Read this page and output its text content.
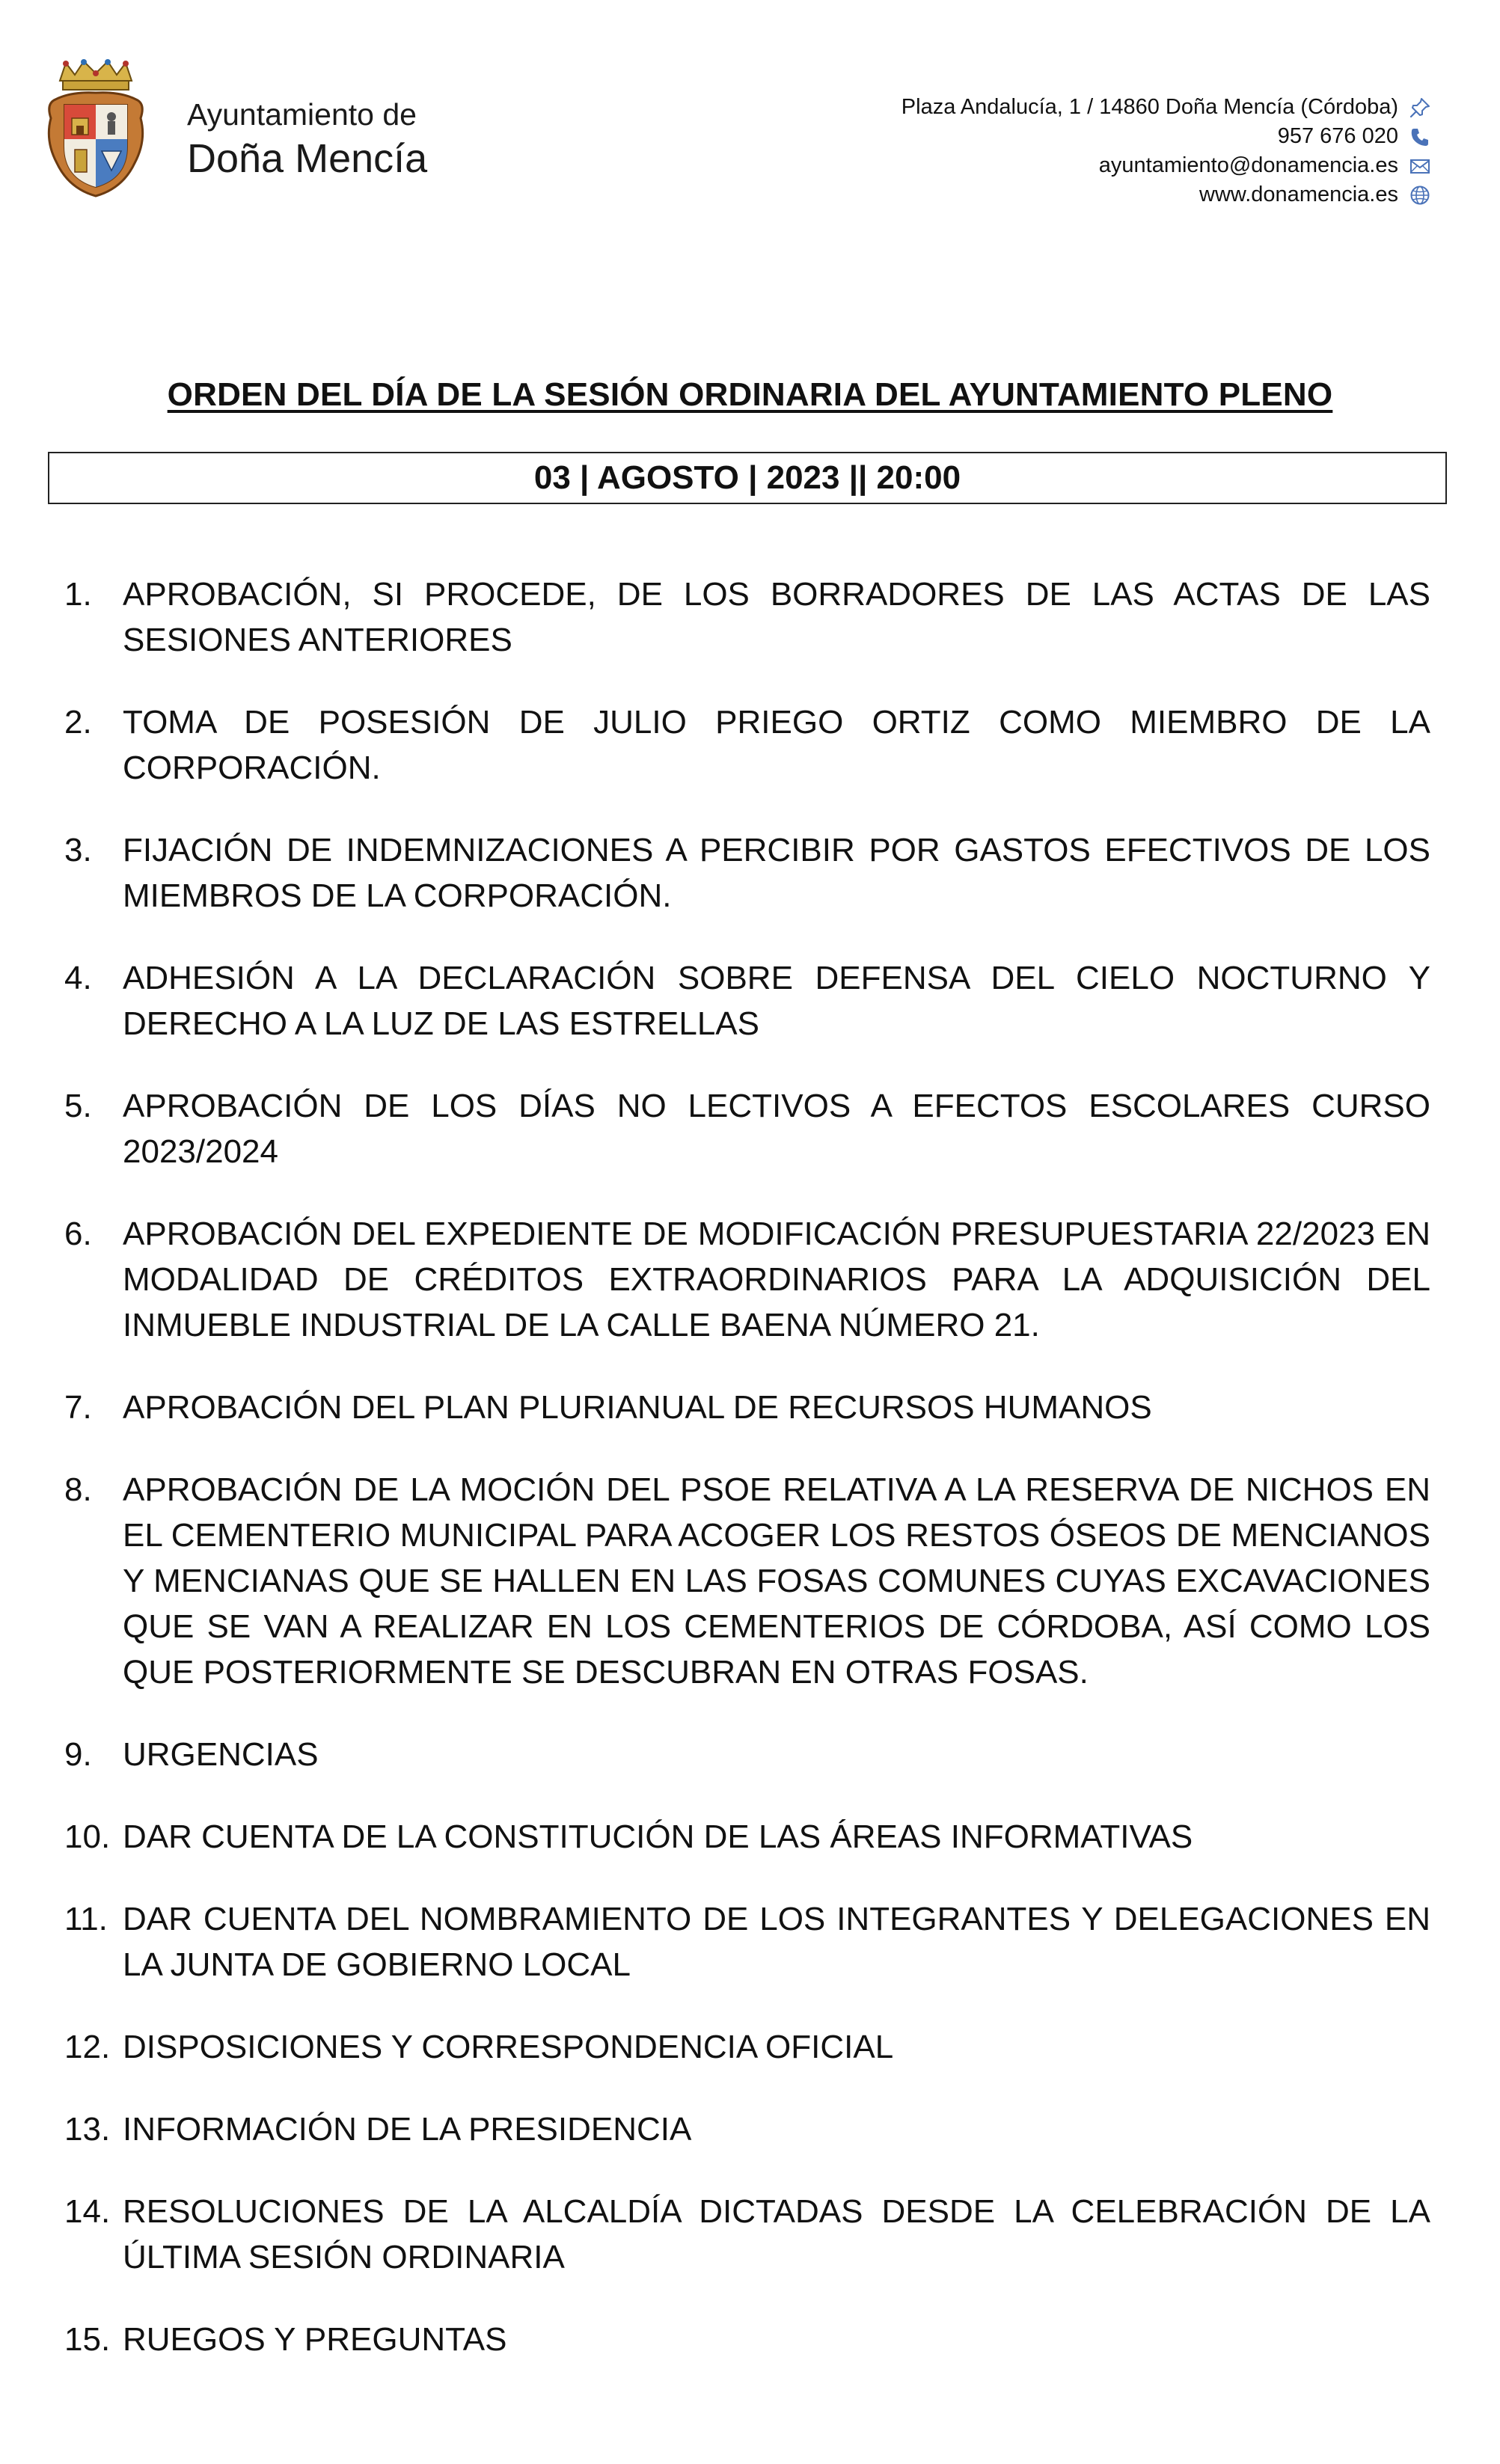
Ayuntamiento de
Doña Mencía
Plaza Andalucía, 1 / 14860 Doña Mencía (Córdoba)
957 676 020
ayuntamiento@donamencia.es
www.donamencia.es
ORDEN DEL DÍA DE LA SESIÓN ORDINARIA DEL AYUNTAMIENTO PLENO
03 | AGOSTO | 2023 || 20:00
1. APROBACIÓN, SI PROCEDE, DE LOS BORRADORES DE LAS ACTAS DE LAS SESIONES ANTERIORES
2. TOMA DE POSESIÓN DE JULIO PRIEGO ORTIZ COMO MIEMBRO DE LA CORPORACIÓN.
3. FIJACIÓN DE INDEMNIZACIONES A PERCIBIR POR GASTOS EFECTIVOS DE LOS MIEMBROS DE LA CORPORACIÓN.
4. ADHESIÓN A LA DECLARACIÓN SOBRE DEFENSA DEL CIELO NOCTURNO Y DERECHO A LA LUZ DE LAS ESTRELLAS
5. APROBACIÓN DE LOS DÍAS NO LECTIVOS A EFECTOS ESCOLARES CURSO 2023/2024
6. APROBACIÓN DEL EXPEDIENTE DE MODIFICACIÓN PRESUPUESTARIA 22/2023 EN MODALIDAD DE CRÉDITOS EXTRAORDINARIOS PARA LA ADQUISICIÓN DEL INMUEBLE INDUSTRIAL DE LA CALLE BAENA NÚMERO 21.
7. APROBACIÓN DEL PLAN PLURIANUAL DE RECURSOS HUMANOS
8. APROBACIÓN DE LA MOCIÓN DEL PSOE RELATIVA A LA RESERVA DE NICHOS EN EL CEMENTERIO MUNICIPAL PARA ACOGER LOS RESTOS ÓSEOS DE MENCIANOS Y MENCIANAS QUE SE HALLEN EN LAS FOSAS COMUNES CUYAS EXCAVACIONES QUE SE VAN A REALIZAR EN LOS CEMENTERIOS DE CÓRDOBA, ASÍ COMO LOS QUE POSTERIORMENTE SE DESCUBRAN EN OTRAS FOSAS.
9. URGENCIAS
10. DAR CUENTA DE LA CONSTITUCIÓN DE LAS ÁREAS INFORMATIVAS
11. DAR CUENTA DEL NOMBRAMIENTO DE LOS INTEGRANTES Y DELEGACIONES EN LA JUNTA DE GOBIERNO LOCAL
12. DISPOSICIONES Y CORRESPONDENCIA OFICIAL
13. INFORMACIÓN DE LA PRESIDENCIA
14. RESOLUCIONES DE LA ALCALDÍA DICTADAS DESDE LA CELEBRACIÓN DE LA ÚLTIMA SESIÓN ORDINARIA
15. RUEGOS Y PREGUNTAS
